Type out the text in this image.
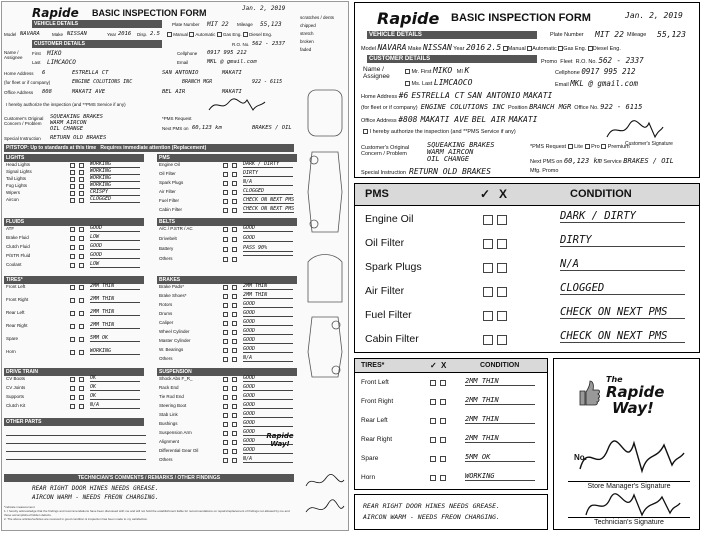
Rapide BASIC INSPECTION FORM	Jan. 2, 2019
VEHICLE DETAILS	Plate Number MIT 22 Mileage 55,123
Model NAVARA	Make NISSAN	Year 2016 Disp. 2.5	Manual Automatic Gas Eng. Diesel Eng.
CUSTOMER DETAILS	R.O. No. 562 - 2337
Name / Assignee
First MIKO	Cellphone 0917 995 212
Last LIMCAOCO	Email	MKL @ gmail.com
Home Address 6	ESTRELLA CT	SAN ANTONIO	MAKATI
(for fleet or if company)	ENGINE COLUTIONS INC	BRANCH MGR	922 - 6115
Office Address 808	MAKATI AVE	BEL AIR	MAKATI
I hereby authorize the inspection (and **PMS Service if any)
Customer's Original Concern / Problem
SQUEAKING BRAKES
WARM AIRCON
OIL CHANGE
*PMS Request
Next PMS on 60,123 km	BRAKES / OIL
Special Instruction RETURN OLD BRAKES
PITSTOP: Up to standards at this time Requires immediate attention (Replacement)
scratches / dents
chipped
stretch
broken
faded
LIGHTS
Head Lights	WORKING
Signal Lights	WORKING
Tail Lights	WORKING
Fog Lights	WORKING
Wipers	CRISPY
Aircon	CLOGGED
PMS
Engine Oil	DARK / DIRTY
Oil Filter	DIRTY
Spark Plugs	N/A
Air Filter	CLOGGED
Fuel Filter	CHECK ON NEXT PMS
Cabin Filter	CHECK ON NEXT PMS
FLUIDS
ATF	GOOD
Brake Fluid	LOW
Clutch Fluid	GOOD
P/STR Fluid	GOOD
Coolant	LOW
BELTS
A/C / P.STR / AC	GOOD
Drivebelt	GOOD
Battery	PASS 90%
Others
TIRES*
Front Left	2MM THIN
Front Right	2MM THIN
Rear Left	2MM THIN
Rear Right	2MM THIN
Spare	5MM OK
Horn	WORKING
BRAKES
Brake Pads*	2MM THIN
Brake Shoes*	2MM THIN
Rotors	GOOD
Drums	GOOD
Caliper	GOOD
Wheel Cylinder	GOOD
Master Cylinder	GOOD
W. Bearings	GOOD
Others	N/A
DRIVE TRAIN
CV Boots	OK
CV Joints	OK
Supports	OK
Clutch Kit	N/A
SUSPENSION
Shock Abs F_R_	GOOD
Rack End	GOOD
Tie Rod End	GOOD
Steering Boot	GOOD
Stab Link	GOOD
Bushings	GOOD
Suspension Arm	GOOD
Alignment	GOOD
Differential Gear Oil	GOOD
Others	N/A
OTHER PARTS
Rapide
Way!
TECHNICIAN'S COMMENTS / REMARKS / OTHER FINDINGS
REAR RIGHT DOOR HINES NEEDS GREASE.
AIRCON WARM - NEEDS FREON CHARGING.
*indicate measurement
1. I hereby acknowledge that the findings and recommendations have been discussed with me and will not hold the establishment liable for recommendations on repairs/replacement of findings not allowed by me and those accomplished hidden defects.
2. The above articles/vehicles are received in good condition & inspection has been made to my satisfaction.
Rapide BASIC INSPECTION FORM	Jan. 2, 2019
VEHICLE DETAILS	Plate Number MIT 22 Mileage 55,123
Model NAVARA Make NISSAN Year 2016 2.5 Manual Automatic Gas Eng. Diesel Eng.
CUSTOMER DETAILS	Promo Fleet R.O. No. 562 - 2337
Name / Assignee
Mr. First MIKO MI K	Cellphone 0917 995 212
Ms. Last LIMCAOCO	Email MKL @ gmail.com
Home Address #6 ESTRELLA CT SAN ANTONIO MAKATI
(for fleet or if company) ENGINE COLUTIONS INC Position BRANCH MGR Office No. 922 - 6115
Office Address #808 MAKATI AVE BEL AIR MAKATI
I hereby authorize the inspection (and **PMS Service if any)
Customer's Signature
Customer's Original Concern / Problem
SQUEAKING BRAKES
WARM AIRCON
OIL CHANGE
*PMS Request Lite Pro Premium
Next PMS on 60,123 km Service BRAKES / OIL
Special Instruction RETURN OLD BRAKES	Mfg. Promo
PMS	✓ X	CONDITION
Engine Oil	DARK / DIRTY
Oil Filter	DIRTY
Spark Plugs	N/A
Air Filter	CLOGGED
Fuel Filter	CHECK ON NEXT PMS
Cabin Filter	CHECK ON NEXT PMS
TIRES*	✓ X	CONDITION
Front Left	2MM THIN
Front Right	2MM THIN
Rear Left	2MM THIN
Rear Right	2MM THIN
Spare	5MM OK
Horn	WORKING
REAR RIGHT DOOR HINES NEEDS GREASE.
AIRCON WARM - NEEDS FREON CHARGING.
The
Rapide
Way!
No.
Store Manager's Signature
Technician's Signature
